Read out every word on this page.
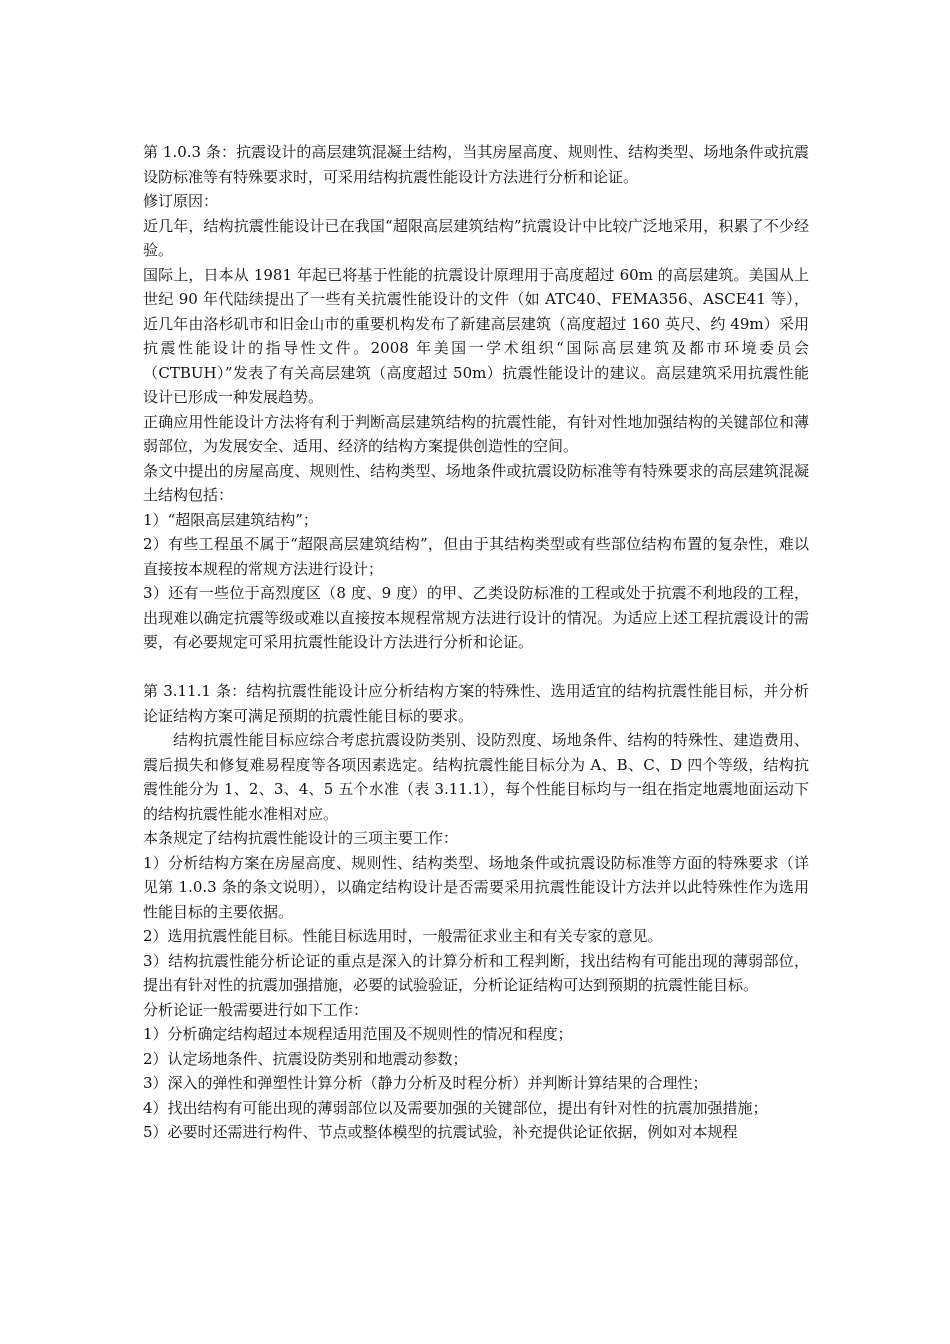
第 1.0.3 条：抗震设计的高层建筑混凝土结构，当其房屋高度、规则性、结构类型、场地条件或抗震设防标准等有特殊要求时，可采用结构抗震性能设计方法进行分析和论证。

修订原因：

近几年，结构抗震性能设计已在我国“超限高层建筑结构”抗震设计中比较广泛地采用，积累了不少经验。

国际上，日本从 1981 年起已将基于性能的抗震设计原理用于高度超过 60m 的高层建筑。美国从上世纪 90 年代陆续提出了一些有关抗震性能设计的文件（如 ATC40、FEMA356、ASCE41 等），近几年由洛杉矶市和旧金山市的重要机构发布了新建高层建筑（高度超过 160 英尺、约 49m）采用抗震性能设计的指导性文件。2008 年美国一学术组织“国际高层建筑及都市环境委员会（CTBUH）”发表了有关高层建筑（高度超过 50m）抗震性能设计的建议。高层建筑采用抗震性能设计已形成一种发展趋势。

正确应用性能设计方法将有利于判断高层建筑结构的抗震性能，有针对性地加强结构的关键部位和薄弱部位，为发展安全、适用、经济的结构方案提供创造性的空间。

条文中提出的房屋高度、规则性、结构类型、场地条件或抗震设防标准等有特殊要求的高层建筑混凝土结构包括：

1）“超限高层建筑结构”；

2）有些工程虽不属于“超限高层建筑结构”，但由于其结构类型或有些部位结构布置的复杂性，难以直接按本规程的常规方法进行设计；

3）还有一些位于高烈度区（8 度、9 度）的甲、乙类设防标准的工程或处于抗震不利地段的工程，出现难以确定抗震等级或难以直接按本规程常规方法进行设计的情况。为适应上述工程抗震设计的需要，有必要规定可采用抗震性能设计方法进行分析和论证。

第 3.11.1 条：结构抗震性能设计应分析结构方案的特殊性、选用适宜的结构抗震性能目标，并分析论证结构方案可满足预期的抗震性能目标的要求。

结构抗震性能目标应综合考虑抗震设防类别、设防烈度、场地条件、结构的特殊性、建造费用、震后损失和修复难易程度等各项因素选定。结构抗震性能目标分为 A、B、C、D 四个等级，结构抗震性能分为 1、2、3、4、5 五个水准（表 3.11.1），每个性能目标均与一组在指定地震地面运动下的结构抗震性能水准相对应。

本条规定了结构抗震性能设计的三项主要工作：

1）分析结构方案在房屋高度、规则性、结构类型、场地条件或抗震设防标准等方面的特殊要求（详见第 1.0.3 条的条文说明），以确定结构设计是否需要采用抗震性能设计方法并以此特殊性作为选用性能目标的主要依据。

2）选用抗震性能目标。性能目标选用时，一般需征求业主和有关专家的意见。

3）结构抗震性能分析论证的重点是深入的计算分析和工程判断，找出结构有可能出现的薄弱部位，提出有针对性的抗震加强措施，必要的试验验证，分析论证结构可达到预期的抗震性能目标。

分析论证一般需要进行如下工作：

1）分析确定结构超过本规程适用范围及不规则性的情况和程度；

2）认定场地条件、抗震设防类别和地震动参数；

3）深入的弹性和弹塑性计算分析（静力分析及时程分析）并判断计算结果的合理性；

4）找出结构有可能出现的薄弱部位以及需要加强的关键部位，提出有针对性的抗震加强措施；

5）必要时还需进行构件、节点或整体模型的抗震试验，补充提供论证依据，例如对本规程
